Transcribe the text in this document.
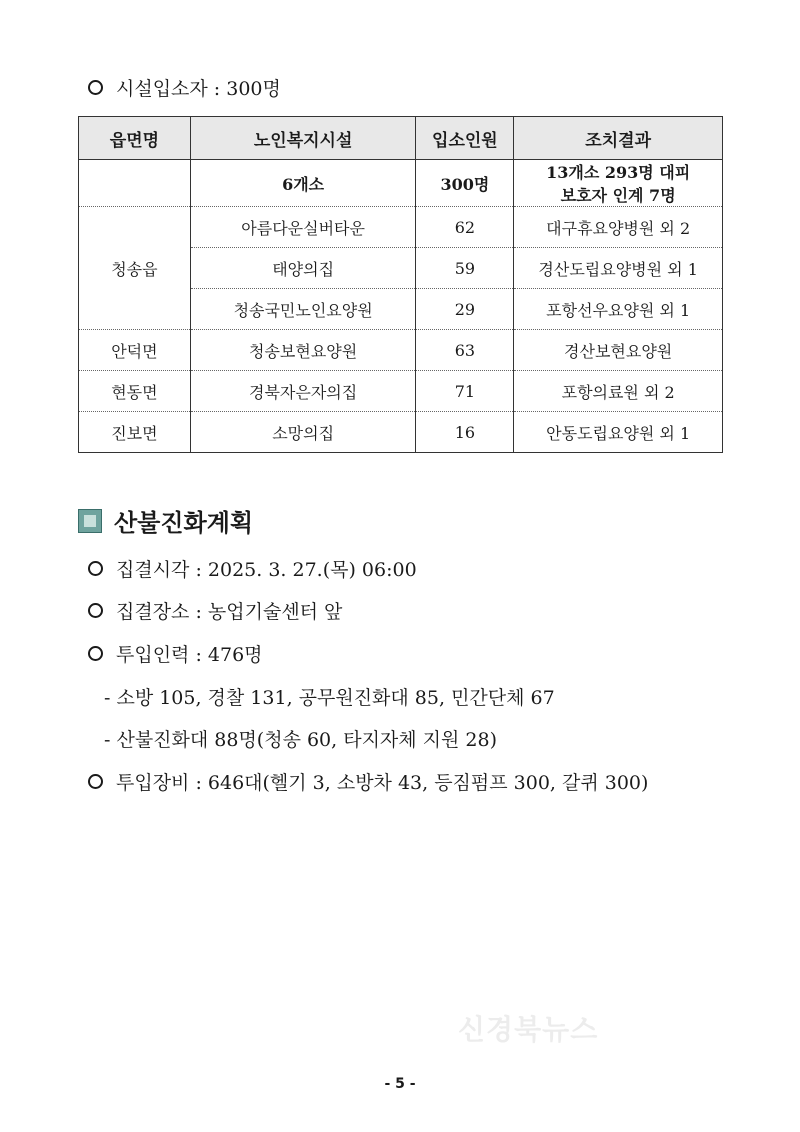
시설입소자 : 300명
읍면명	노인복지시설	입소인원	조치결과
	6개소	300명	13개소 293명 대피
보호자 인계 7명

청송읍	아름다운실버타운	62	대구휴요양병원 외 2
	태양의집	59	경산도립요양병원 외 1
	청송국민노인요양원	29	포항선우요양원 외 1
안덕면	청송보현요양원	63	경산보현요양원
현동면	경북자은자의집	71	포항의료원 외 2
진보면	소망의집	16	안동도립요양원 외 1
산불진화계획
집결시각 : 2025. 3. 27.(목) 06:00
집결장소 : 농업기술센터 앞
투입인력 : 476명
- 소방 105, 경찰 131, 공무원진화대 85, 민간단체 67
- 산불진화대 88명(청송 60, 타지자체 지원 28)
투입장비 : 646대(헬기 3, 소방차 43, 등짐펌프 300, 갈퀴 300)
신경북뉴스
- 5 -
